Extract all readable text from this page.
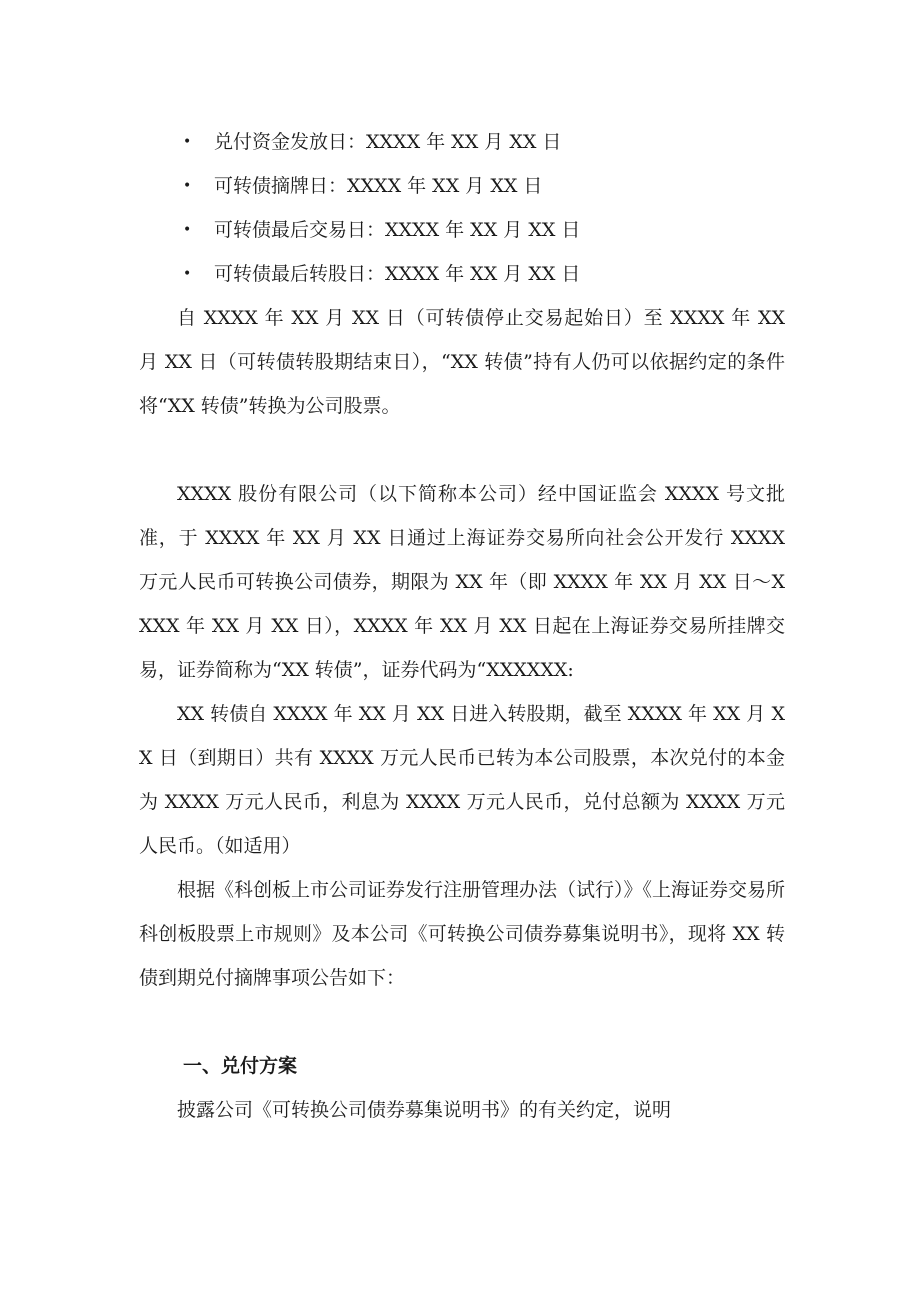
• 兑付资金发放日：XXXX 年 XX 月 XX 日
• 可转债摘牌日：XXXX 年 XX 月 XX 日
• 可转债最后交易日：XXXX 年 XX 月 XX 日
• 可转债最后转股日：XXXX 年 XX 月 XX 日

自 XXXX 年 XX 月 XX 日（可转债停止交易起始日）至 XXXX 年 XX 月 XX 日（可转债转股期结束日），“XX 转债”持有人仍可以依据约定的条件将“XX 转债”转换为公司股票。

XXXX 股份有限公司（以下简称本公司）经中国证监会 XXXX 号文批准，于 XXXX 年 XX 月 XX 日通过上海证券交易所向社会公开发行 XXXX 万元人民币可转换公司债券，期限为 XX 年（即 XXXX 年 XX 月 XX 日～XXXX 年 XX 月 XX 日），XXXX 年 XX 月 XX 日起在上海证券交易所挂牌交易，证券简称为“XX 转债”，证券代码为“XXXXXX:

XX 转债自 XXXX 年 XX 月 XX 日进入转股期，截至 XXXX 年 XX 月 XX 日（到期日）共有 XXXX 万元人民币已转为本公司股票，本次兑付的本金为 XXXX 万元人民币，利息为 XXXX 万元人民币，兑付总额为 XXXX 万元人民币。（如适用）

根据《科创板上市公司证券发行注册管理办法（试行）》《上海证券交易所科创板股票上市规则》及本公司《可转换公司债券募集说明书》，现将 XX 转债到期兑付摘牌事项公告如下：

一、兑付方案

披露公司《可转换公司债券募集说明书》的有关约定，说明
